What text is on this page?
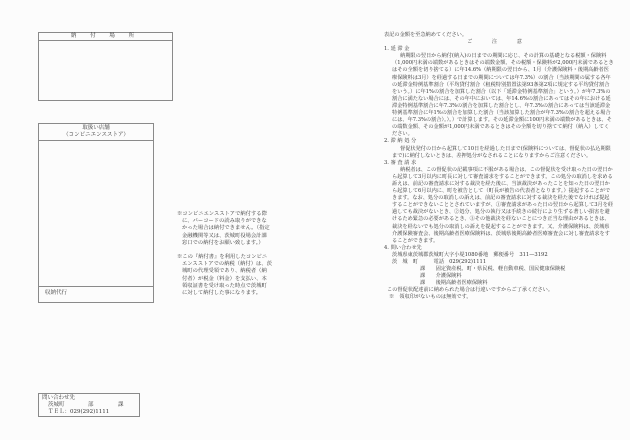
納 付 場 所
取扱い店舗
（コンビニエンスストア）
収納代行
問い合わせ先
茨城町	部	課
ＴＥＬ：029(292)1111

※コンビニエンスストアで納付する際に、バーコードの読み取りができなかった場合は納付できません。（指定金融機関等又は、茨城町役場会計課窓口での納付をお願い致します。）

※この『納付書』を利用したコンビニエンスストアでの納税（納付）は、茨城町の代理受領であり、納税者（納付者）が税金（料金）を支払い、本領収証書を受け取った時点で茨城町に対して納付した事になります。

表記の金額を至急納めてください。

ご 注 意

1. 延 滞 金

納期限の翌日から納付(納入)の日までの期間に応じ、その計算の基礎となる税額・保険料（1,000円未満の端数があるときはその端数金額、その税額・保険料が2,000円未満であるときはその全額を切り捨てる）に年14.6%（納期限の翌日から、1月（介護保険料・後期高齢者医療保険料は3月）を経過する日までの期間については年7.3%）の割合（当該期間の属する各年の延滞金特例基準割合（平均貸付割合（租税特別措置法第93条第2項に規定する平均貸付割合をいう。）に年1%の割合を加算した割合（以下「延滞金特例基準割合」という。）が年7.3%の割合に満たない場合には、その年中においては、年14.6%の割合にあってはその年における延滞金特例基準割合に年7.3%の割合を加算した割合とし、年7.3%の割合にあっては当該延滞金特例基準割合に年1%の割合を加算した割合（当該加算した割合が年7.3%の割合を超える場合には、年7.3%の割合）。）。）で計算します。その延滞金額に100円未満の端数があるときは、その端数金額、その金額が1,000円未満であるときはその全額を切り捨てて納付（納入）してください。

2. 滞 納 処 分

督促状発付の日から起算して10日を経過した日まで(保険料については、督促状の払込期限まで)に納付しないときは、差押処分がなされることになりますからご注意ください。

3. 審 査 請 求

納税者は、この督促状の記載事項に不服がある場合は、この督促状を受け取った日の翌日から起算して3月以内に町長に対して審査請求をすることができます。この処分の取消しを求める訴えは、前記の審査請求に対する裁決を経た後に、当該裁決があったことを知った日の翌日から起算して6月以内に、町を被告として（町長が被告の代表者となります。）提起することができます。なお、処分の取消しの訴えは、前記の審査請求に対する裁決を経た後でなければ提起することができないこととされていますが、①審査請求があった日の翌日から起算して3月を経過しても裁決がないとき、②処分、処分の執行又は手続きの続行により生ずる著しい損害を避けるため緊急の必要があるとき、③その他裁決を経ないことにつき正当な理由があるときは、裁決を経ないでも処分の取消しの訴えを提起することができます。又、介護保険料は、茨城県介護保険審査会、後期高齢者医療保険料は、茨城県後期高齢者医療審査会に対し審査請求をすることができます。

4. 問い合わせ先

茨城県東茨城郡茨城町大字小堤1080番地　郵便番号　311—3192

茨　城　町　　　電話　029(292)1111

課　　固定資産税、町・県民税、軽自動車税、国民健康保険税

課　　介護保険料

課　　後期高齢者医療保険料

この督促状配達前に納められた場合は行違いですからご了承ください。

※　領収印がないものは無効です。
